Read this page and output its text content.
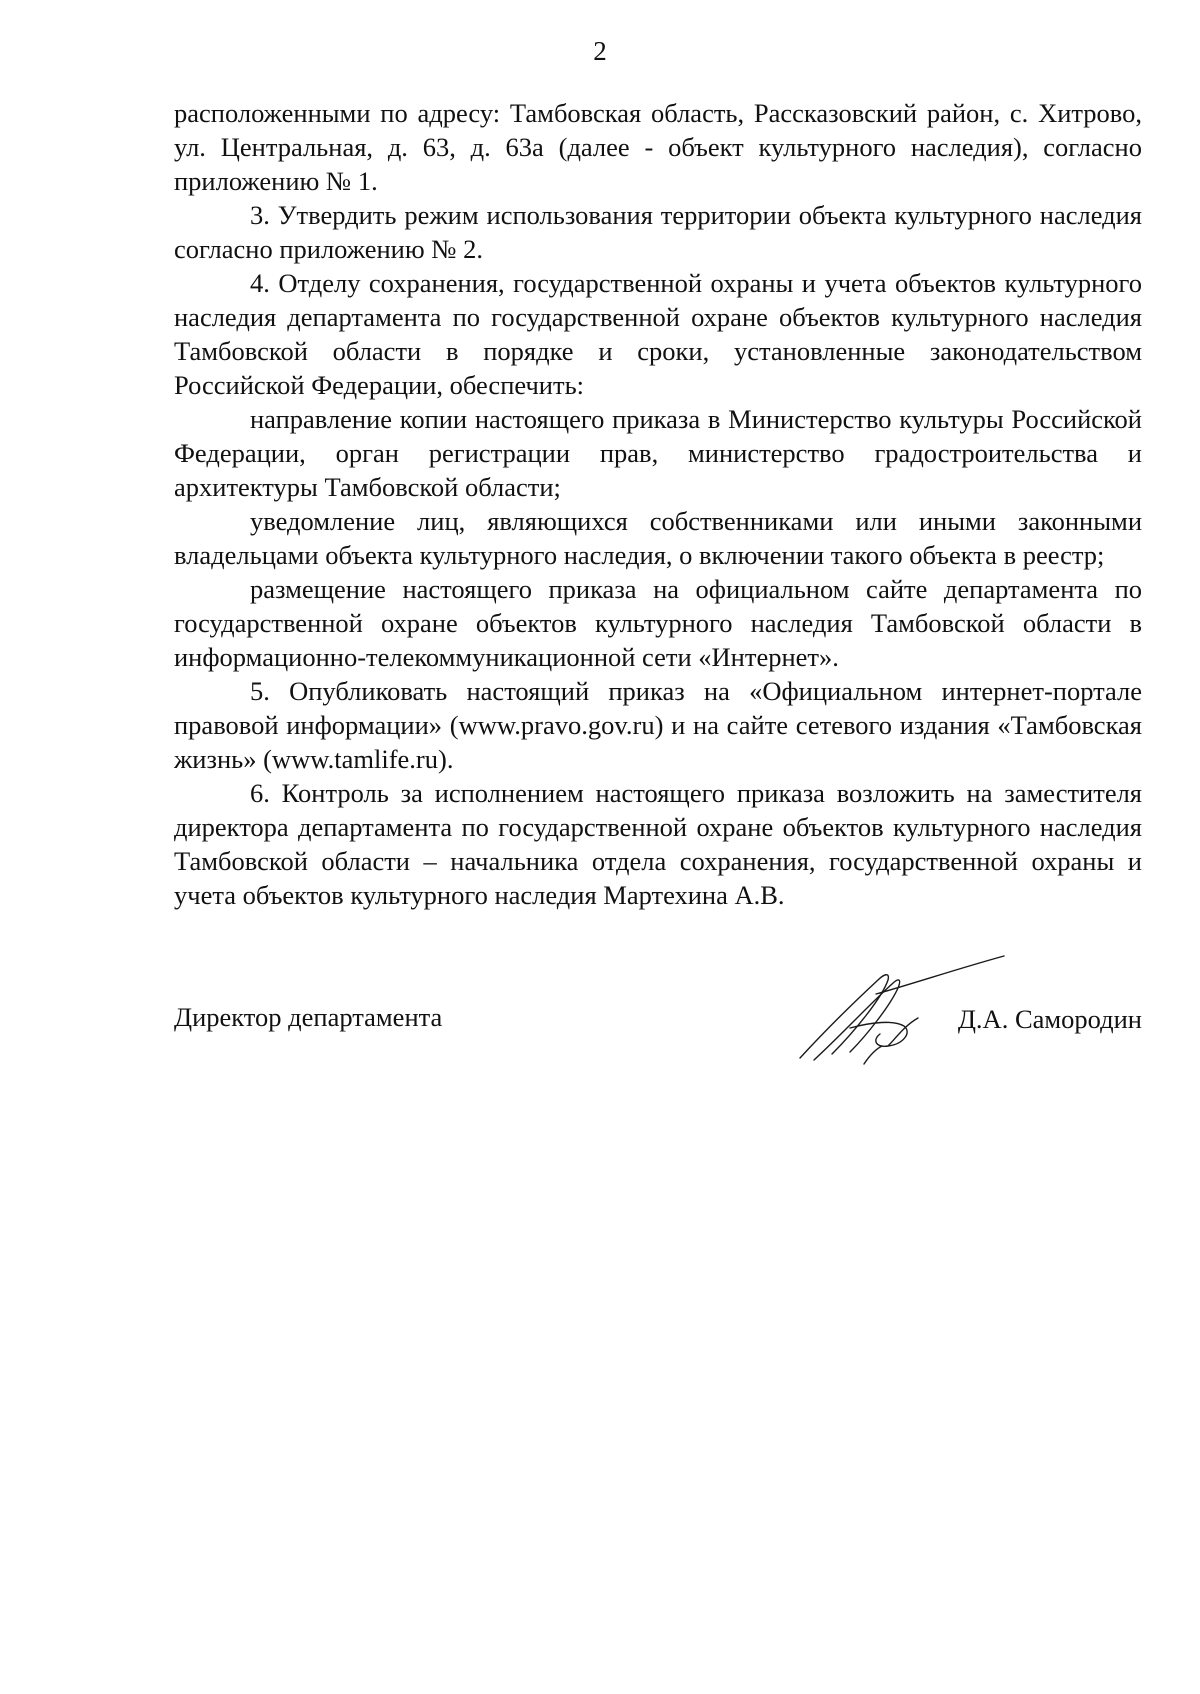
2

расположенными по адресу: Тамбовская область, Рассказовский район, с. Хитрово, ул. Центральная, д. 63, д. 63а (далее - объект культурного наследия), согласно приложению № 1.

3. Утвердить режим использования территории объекта культурного наследия согласно приложению № 2.

4. Отделу сохранения, государственной охраны и учета объектов культурного наследия департамента по государственной охране объектов культурного наследия Тамбовской области в порядке и сроки, установленные законодательством Российской Федерации, обеспечить:

направление копии настоящего приказа в Министерство культуры Российской Федерации, орган регистрации прав, министерство градостроительства и архитектуры Тамбовской области;

уведомление лиц, являющихся собственниками или иными законными владельцами объекта культурного наследия, о включении такого объекта в реестр;

размещение настоящего приказа на официальном сайте департамента по государственной охране объектов культурного наследия Тамбовской области в информационно-телекоммуникационной сети «Интернет».

5. Опубликовать настоящий приказ на «Официальном интернет-портале правовой информации» (www.pravo.gov.ru) и на сайте сетевого издания «Тамбовская жизнь» (www.tamlife.ru).

6. Контроль за исполнением настоящего приказа возложить на заместителя директора департамента по государственной охране объектов культурного наследия Тамбовской области – начальника отдела сохранения, государственной охраны и учета объектов культурного наследия Мартехина А.В.

Директор департамента	Д.А. Самородин
